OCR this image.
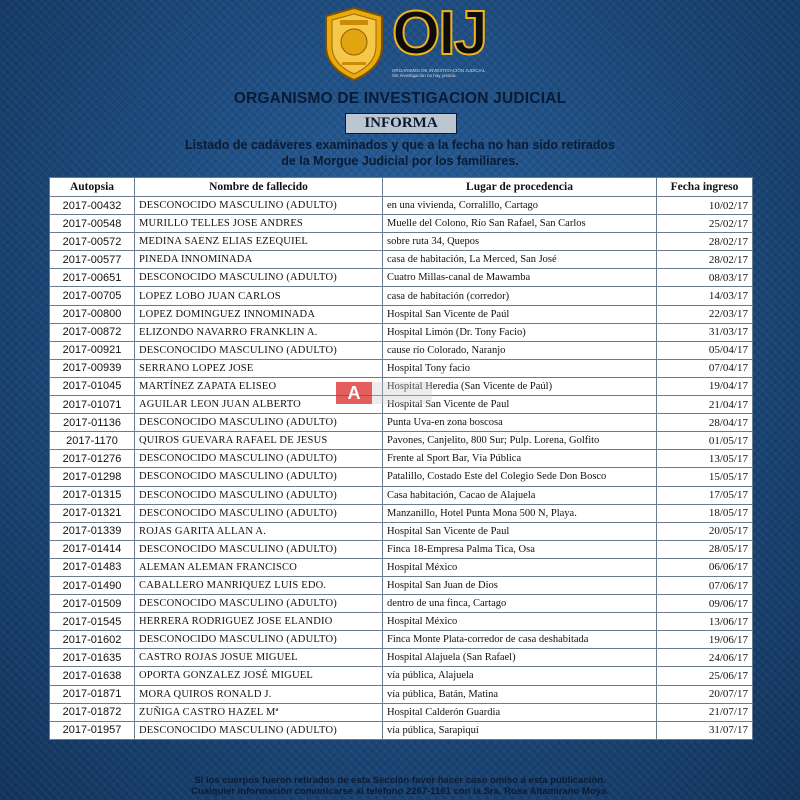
OIJ
ORGANISMO DE INVESTIGACIÓN JUDICIAL
Sin investigación no hay justicia
ORGANISMO DE INVESTIGACION JUDICIAL
INFORMA
Listado de cadáveres examinados y que a la fecha no han sido retirados
de la Morgue Judicial por los familiares.
Autopsia	Nombre de fallecido	Lugar de procedencia	Fecha ingreso
2017-00432	DESCONOCIDO MASCULINO (ADULTO)	en una vivienda, Corralillo, Cartago	10/02/17
2017-00548	MURILLO TELLES JOSE ANDRES	Muelle del Colono, Río San Rafael, San Carlos	25/02/17
2017-00572	MEDINA SAENZ ELIAS EZEQUIEL	sobre ruta 34, Quepos	28/02/17
2017-00577	PINEDA INNOMINADA	casa de habitación, La Merced, San José	28/02/17
2017-00651	DESCONOCIDO MASCULINO (ADULTO)	Cuatro Millas-canal de Mawamba	08/03/17
2017-00705	LOPEZ LOBO JUAN CARLOS	casa de habitación (corredor)	14/03/17
2017-00800	LOPEZ DOMINGUEZ INNOMINADA	Hospital San Vicente de Paúl	22/03/17
2017-00872	ELIZONDO NAVARRO FRANKLIN A.	Hospital Limón (Dr. Tony Facio)	31/03/17
2017-00921	DESCONOCIDO MASCULINO (ADULTO)	cause río Colorado, Naranjo	05/04/17
2017-00939	SERRANO LOPEZ JOSE	Hospital Tony facio	07/04/17
2017-01045	MARTÍNEZ ZAPATA ELISEO	Hospital Heredia (San Vicente de Paúl)	19/04/17
2017-01071	AGUILAR LEON JUAN ALBERTO	Hospital San Vicente de Paul	21/04/17
2017-01136	DESCONOCIDO MASCULINO (ADULTO)	Punta Uva-en zona boscosa	28/04/17
2017-1170	QUIROS GUEVARA RAFAEL DE JESUS	Pavones, Canjelito, 800 Sur; Pulp. Lorena, Golfito	01/05/17
2017-01276	DESCONOCIDO MASCULINO (ADULTO)	Frente al Sport Bar, Vía Pública	13/05/17
2017-01298	DESCONOCIDO MASCULINO (ADULTO)	Patalillo, Costado Este del Colegio Sede Don Bosco	15/05/17
2017-01315	DESCONOCIDO MASCULINO (ADULTO)	Casa habitación, Cacao de Alajuela	17/05/17
2017-01321	DESCONOCIDO MASCULINO (ADULTO)	Manzanillo, Hotel Punta Mona 500 N, Playa.	18/05/17
2017-01339	ROJAS GARITA ALLAN A.	Hospital San Vicente de Paul	20/05/17
2017-01414	DESCONOCIDO MASCULINO (ADULTO)	Finca 18-Empresa Palma Tica, Osa	28/05/17
2017-01483	ALEMAN ALEMAN FRANCISCO	Hospital México	06/06/17
2017-01490	CABALLERO MANRIQUEZ LUIS EDO.	Hospital San Juan de Dios	07/06/17
2017-01509	DESCONOCIDO MASCULINO (ADULTO)	dentro de una finca, Cartago	09/06/17
2017-01545	HERRERA RODRIGUEZ JOSE ELANDIO	Hospital México	13/06/17
2017-01602	DESCONOCIDO MASCULINO (ADULTO)	Finca Monte Plata-corredor de casa deshabitada	19/06/17
2017-01635	CASTRO ROJAS JOSUE MIGUEL	Hospital Alajuela (San Rafael)	24/06/17
2017-01638	OPORTA GONZALEZ JOSÉ MIGUEL	vía pública, Alajuela	25/06/17
2017-01871	MORA QUIROS RONALD J.	vía pública, Batán, Matina	20/07/17
2017-01872	ZUÑIGA CASTRO HAZEL Mª	Hospital Calderón Guardia	21/07/17
2017-01957	DESCONOCIDO MASCULINO (ADULTO)	vía pública, Sarapiquí	31/07/17
A
Si los cuerpos fueron retirados de esta Sección favor hacer caso omiso a esta publicación.
Cualquier información comunicarse al teléfono 2267-1161 con la Sra. Rosa Altamirano Moya.
